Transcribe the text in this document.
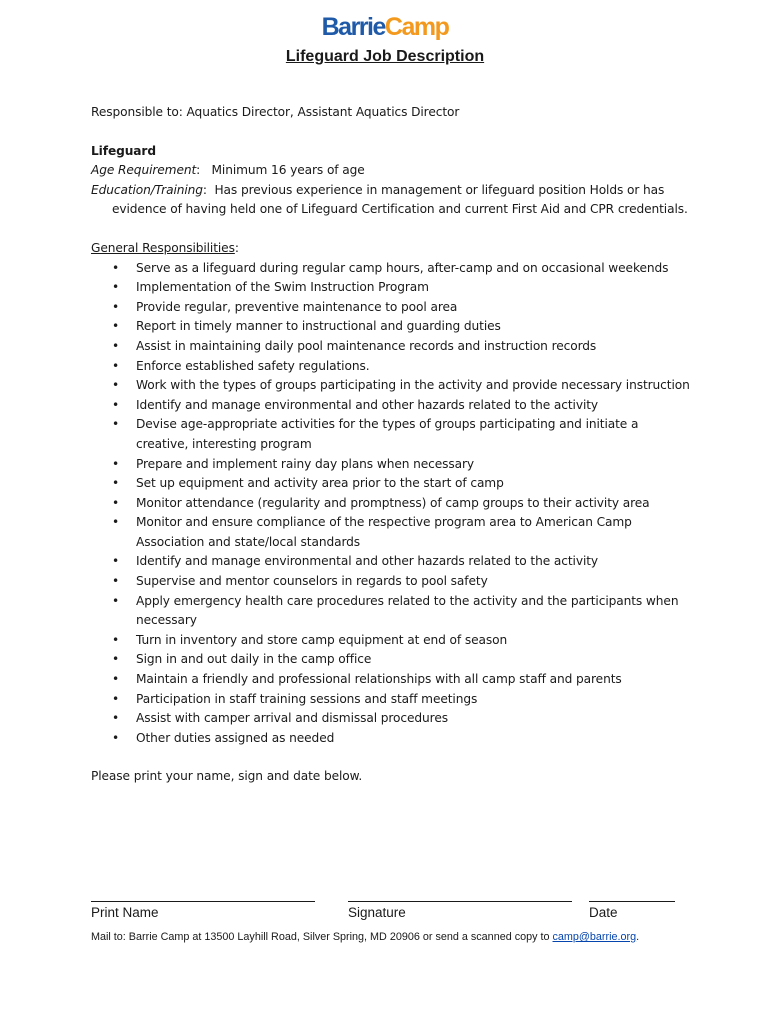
BarrieCamp
Lifeguard Job Description

Responsible to: Aquatics Director, Assistant Aquatics Director

Lifeguard

Age Requirement:   Minimum 16 years of age

Education/Training:  Has previous experience in management or lifeguard position Holds or has evidence of having held one of Lifeguard Certification and current First Aid and CPR credentials.

General Responsibilities:

• Serve as a lifeguard during regular camp hours, after-camp and on occasional weekends
• Implementation of the Swim Instruction Program
• Provide regular, preventive maintenance to pool area
• Report in timely manner to instructional and guarding duties
• Assist in maintaining daily pool maintenance records and instruction records
• Enforce established safety regulations.
• Work with the types of groups participating in the activity and provide necessary instruction
• Identify and manage environmental and other hazards related to the activity
• Devise age-appropriate activities for the types of groups participating and initiate a creative, interesting program
• Prepare and implement rainy day plans when necessary
• Set up equipment and activity area prior to the start of camp
• Monitor attendance (regularity and promptness) of camp groups to their activity area
• Monitor and ensure compliance of the respective program area to American Camp Association and state/local standards
• Identify and manage environmental and other hazards related to the activity
• Supervise and mentor counselors in regards to pool safety
• Apply emergency health care procedures related to the activity and the participants when necessary
• Turn in inventory and store camp equipment at end of season
• Sign in and out daily in the camp office
• Maintain a friendly and professional relationships with all camp staff and parents
• Participation in staff training sessions and staff meetings
• Assist with camper arrival and dismissal procedures
• Other duties assigned as needed

Please print your name, sign and date below.

Print Name	Signature	Date
Mail to: Barrie Camp at 13500 Layhill Road, Silver Spring, MD 20906 or send a scanned copy to camp@barrie.org.
